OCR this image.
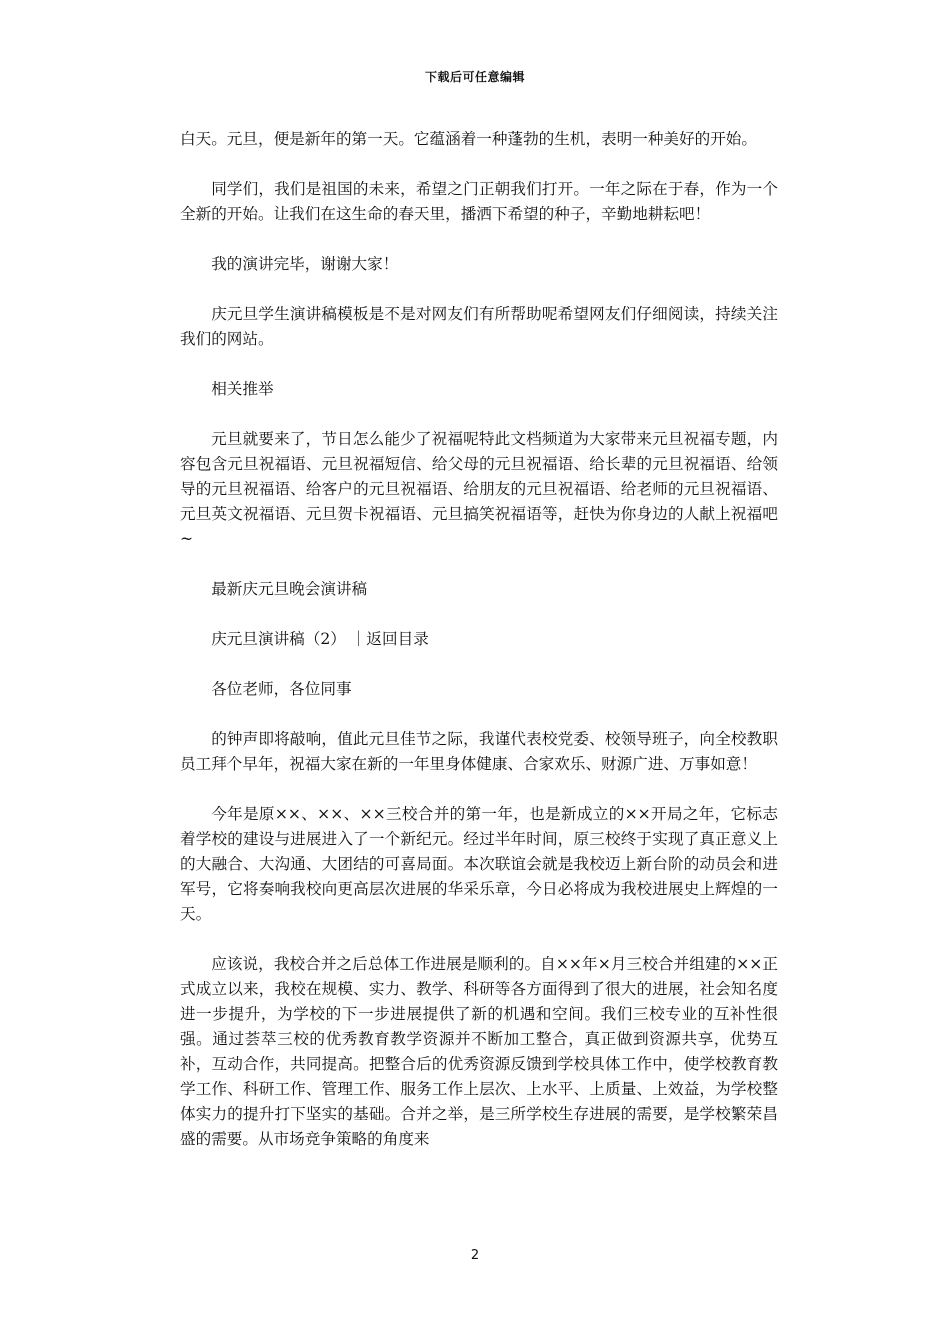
下载后可任意编辑

白天。元旦，便是新年的第一天。它蕴涵着一种蓬勃的生机，表明一种美好的开始。

同学们，我们是祖国的未来，希望之门正朝我们打开。一年之际在于春，作为一个全新的开始。让我们在这生命的春天里，播洒下希望的种子，辛勤地耕耘吧！

我的演讲完毕，谢谢大家！

庆元旦学生演讲稿模板是不是对网友们有所帮助呢希望网友们仔细阅读，持续关注我们的网站。

相关推举

元旦就要来了，节日怎么能少了祝福呢特此文档频道为大家带来元旦祝福专题，内容包含元旦祝福语、元旦祝福短信、给父母的元旦祝福语、给长辈的元旦祝福语、给领导的元旦祝福语、给客户的元旦祝福语、给朋友的元旦祝福语、给老师的元旦祝福语、元旦英文祝福语、元旦贺卡祝福语、元旦搞笑祝福语等，赶快为你身边的人献上祝福吧~

最新庆元旦晚会演讲稿

庆元旦演讲稿（2） ｜返回目录

各位老师，各位同事

的钟声即将敲响，值此元旦佳节之际，我谨代表校党委、校领导班子，向全校教职员工拜个早年，祝福大家在新的一年里身体健康、合家欢乐、财源广进、万事如意！

今年是原××、××、××三校合并的第一年，也是新成立的××开局之年，它标志着学校的建设与进展进入了一个新纪元。经过半年时间，原三校终于实现了真正意义上的大融合、大沟通、大团结的可喜局面。本次联谊会就是我校迈上新台阶的动员会和进军号，它将奏响我校向更高层次进展的华采乐章，今日必将成为我校进展史上辉煌的一天。

应该说，我校合并之后总体工作进展是顺利的。自××年×月三校合并组建的××正式成立以来，我校在规模、实力、教学、科研等各方面得到了很大的进展，社会知名度进一步提升，为学校的下一步进展提供了新的机遇和空间。我们三校专业的互补性很强。通过荟萃三校的优秀教育教学资源并不断加工整合，真正做到资源共享，优势互补，互动合作，共同提高。把整合后的优秀资源反馈到学校具体工作中，使学校教育教学工作、科研工作、管理工作、服务工作上层次、上水平、上质量、上效益，为学校整体实力的提升打下坚实的基础。合并之举，是三所学校生存进展的需要，是学校繁荣昌盛的需要。从市场竞争策略的角度来

2
